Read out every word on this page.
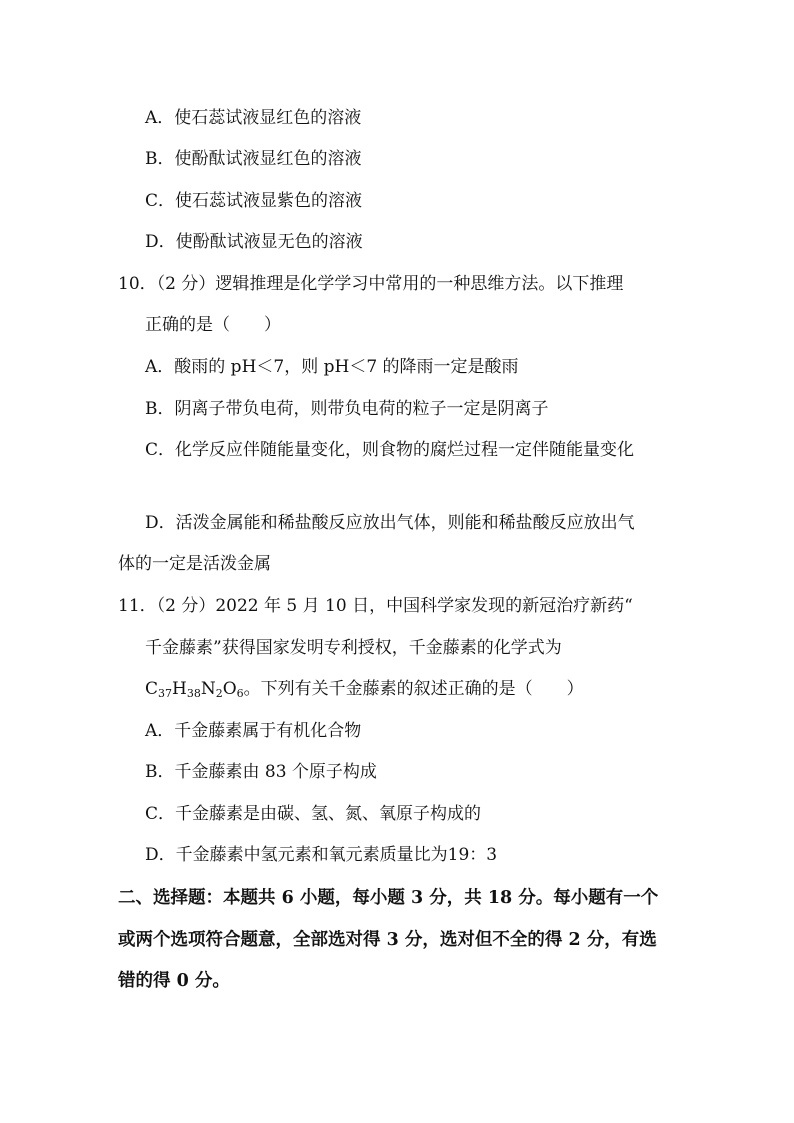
A．使石蕊试液显红色的溶液
B．使酚酞试液显红色的溶液
C．使石蕊试液显紫色的溶液
D．使酚酞试液显无色的溶液
10．（2 分）逻辑推理是化学学习中常用的一种思维方法。以下推理
正确的是（ ）
A．酸雨的 pH＜7，则 pH＜7 的降雨一定是酸雨
B．阴离子带负电荷，则带负电荷的粒子一定是阴离子
C．化学反应伴随能量变化，则食物的腐烂过程一定伴随能量变化
D．活泼金属能和稀盐酸反应放出气体，则能和稀盐酸反应放出气
体的一定是活泼金属
11．（2 分）2022 年 5 月 10 日，中国科学家发现的新冠治疗新药“
千金藤素”获得国家发明专利授权，千金藤素的化学式为
$C_{37}H_{38}N_2O_6$。下列有关千金藤素的叙述正确的是（ ）
A．千金藤素属于有机化合物
B．千金藤素由 83 个原子构成
C．千金藤素是由碳、氢、氮、氧原子构成的
D．千金藤素中氢元素和氧元素质量比为19：3
二、选择题：本题共 6 小题，每小题 3 分，共 18 分。每小题有一个
或两个选项符合题意，全部选对得 3 分，选对但不全的得 2 分，有选
错的得 0 分。
